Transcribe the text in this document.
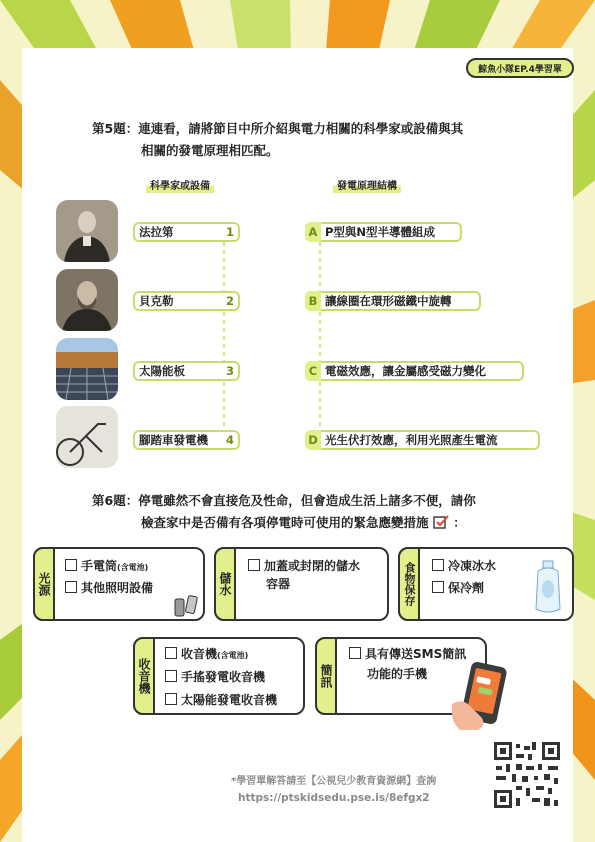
鯨魚小隊EP.4學習單
第5題：連連看，請將節目中所介紹與電力相關的科學家或設備與其
相關的發電原理相匹配。
科學家或設備	發電原理結構
法拉第	1
貝克勒	2
太陽能板	3
腳踏車發電機 4
A P型與N型半導體組成
B 讓線圈在環形磁鐵中旋轉
C 電磁效應，讓金屬感受磁力變化
D 光生伏打效應，利用光照產生電流
第6題：停電雖然不會直接危及性命，但會造成生活上諸多不便，請你
檢查家中是否備有各項停電時可使用的緊急應變措施 ：
光源
手電筒(含電池)
其他照明設備	儲水
加蓋或封閉的儲水
容器	食物保存	冷凍冰水
保冷劑
收音機
收音機(含電池)
手搖發電收音機
太陽能發電收音機
簡訊
具有傳送SMS簡訊
功能的手機
*學習單解答請至【公視兒少教育資源網】查詢
https://ptskidsedu.pse.is/8efgx2
